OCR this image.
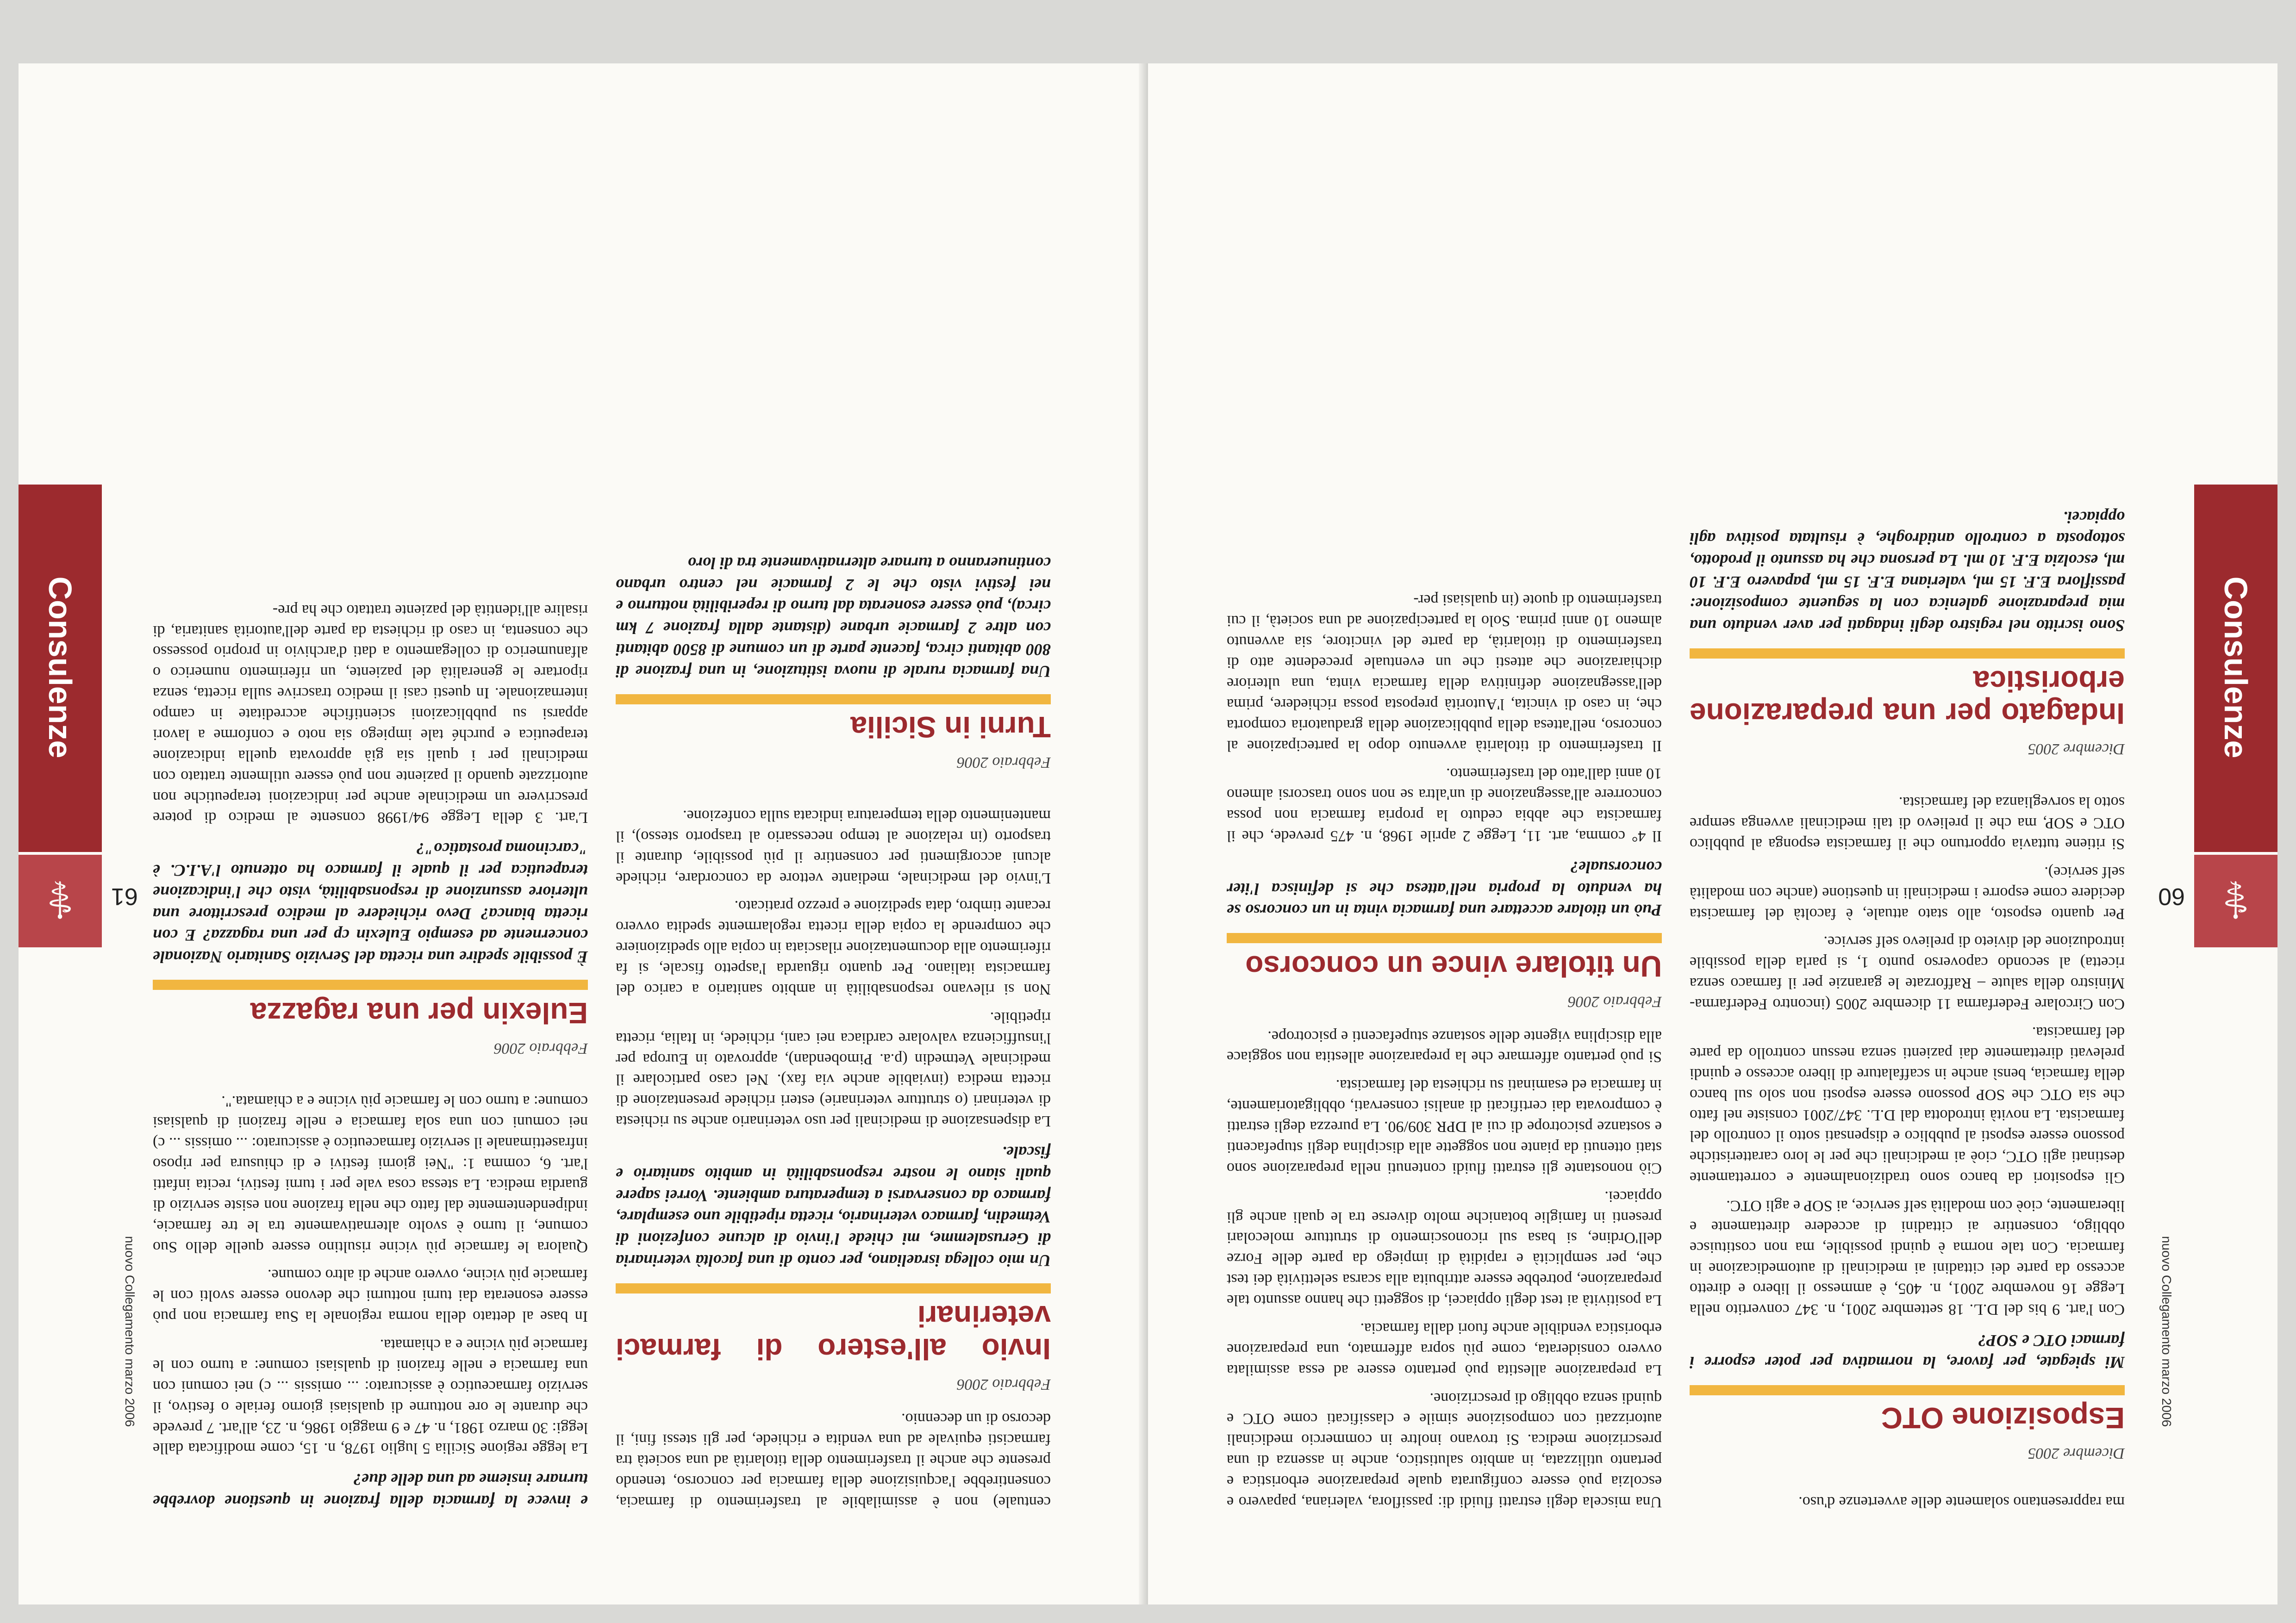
nuovo Collegamento marzo 2006
60 ⚕
Consulenze
ma rappresentano solamente delle avvertenze d'uso.
Dicembre 2005
Esposizione OTC
Mi spiegate, per favore, la normativa per poter esporre i farmaci OTC e SOP?
Con l'art. 9 bis del D.L. 18 settembre 2001, n. 347 convertito nella Legge 16 novembre 2001, n. 405, è ammesso il libero e diretto accesso da parte dei cittadini ai medicinali di automedicazione in farmacia. Con tale norma è quindi possibile, ma non costituisce obbligo, consentire ai cittadini di accedere direttamente e liberamente, cioè con modalità self service, ai SOP e agli OTC.
Gli espositori da banco sono tradizionalmente e correttamente destinati agli OTC, cioè ai medicinali che per le loro caratteristiche possono essere esposti al pubblico e dispensati sotto il controllo del farmacista. La novità introdotta dal D.L. 347/2001 consiste nel fatto che sia OTC che SOP possono essere esposti non solo sul banco della farmacia, bensì anche in scaffalature di libero accesso e quindi prelevati direttamente dai pazienti senza nessun controllo da parte del farmacista.
Con Circolare Federfarma 11 dicembre 2005 (incontro Federfarma-Ministro della salute – Rafforzate le garanzie per il farmaco senza ricetta) al secondo capoverso punto 1, si parla della possibile introduzione del divieto di prelievo self service.
Per quanto esposto, allo stato attuale, è facoltà del farmacista decidere come esporre i medicinali in questione (anche con modalità self service).
Si ritiene tuttavia opportuno che il farmacista esponga al pubblico OTC e SOP, ma che il prelievo di tali medicinali avvenga sempre sotto la sorveglianza del farmacista.
Dicembre 2005
Indagato per una preparazione erboristica
Sono iscritto nel registro degli indagati per aver venduto una mia preparazione galenica con la seguente composizione: passiflora E.F. 15 ml, valeriana E.F. 15 ml, papavero E.F. 10 ml, escolzia E.F. 10 ml. La persona che ha assunto il prodotto, sottoposta a controllo antidroghe, è risultata positiva agli oppiacei.
Una miscela degli estratti fluidi di: passiflora, valeriana, papavero e escolzia può essere configurata quale preparazione erboristica e pertanto utilizzata, in ambito salutistico, anche in assenza di una prescrizione medica. Si trovano inoltre in commercio medicinali autorizzati con composizione simile e classificati come OTC e quindi senza obbligo di prescrizione.
La preparazione allestita può pertanto essere ad essa assimilata ovvero considerata, come più sopra affermato, una preparazione erboristica vendibile anche fuori dalla farmacia.
La positività ai test degli oppiacei, di soggetti che hanno assunto tale preparazione, potrebbe essere attribuita alla scarsa selettività dei test che, per semplicità e rapidità di impiego da parte delle Forze dell'Ordine, si basa sul riconoscimento di strutture molecolari presenti in famiglie botaniche molto diverse tra le quali anche gli oppiacei.
Ciò nonostante gli estratti fluidi contenuti nella preparazione sono stati ottenuti da piante non soggette alla disciplina degli stupefacenti e sostanze psicotrope di cui al DPR 309/90. La purezza degli estratti è comprovata dai certificati di analisi conservati, obbligatoriamente, in farmacia ed esaminati su richiesta del farmacista.
Si può pertanto affermare che la preparazione allestita non soggiace alla disciplina vigente delle sostanze stupefacenti e psicotrope.
Febbraio 2006
Un titolare vince un concorso
Può un titolare accettare una farmacia vinta in un concorso se ha venduto la propria nell'attesa che si definisca l'iter concorsuale?
Il 4° comma, art. 11, Legge 2 aprile 1968, n. 475 prevede, che il farmacista che abbia ceduto la propria farmacia non possa concorrere all'assegnazione di un'altra se non sono trascorsi almeno 10 anni dall'atto del trasferimento.
Il trasferimento di titolarità avvenuto dopo la partecipazione al concorso, nell'attesa della pubblicazione della graduatoria comporta che, in caso di vincita, l'Autorità preposta possa richiedere, prima dell'assegnazione definitiva della farmacia vinta, una ulteriore dichiarazione che attesti che un eventuale precedente atto di trasferimento di titolarità, da parte del vincitore, sia avvenuto almeno 10 anni prima. Solo la partecipazione ad una società, il cui trasferimento di quote (in qualsiasi per-
nuovo Collegamento marzo 2006
61
⚕
Consulenze
centuale) non è assimilabile al trasferimento di farmacia, consentirebbe l'acquisizione della farmacia per concorso, tenendo presente che anche il trasferimento della titolarità ad una società tra farmacisti equivale ad una vendita e richiede, per gli stessi fini, il decorso di un decennio.
Febbraio 2006
Invio all'estero di farmaci veterinari
Un mio collega israeliano, per conto di una facoltà veterinaria di Gerusalemme, mi chiede l'invio di alcune confezioni di Vetmedin, farmaco veterinario, ricetta ripetibile uno esemplare, farmaco da conservarsi a temperatura ambiente. Vorrei sapere quali siano le nostre responsabilità in ambito sanitario e fiscale.
La dispensazione di medicinali per uso veterinario anche su richiesta di veterinari (o strutture veterinarie) esteri richiede presentazione di ricetta medica (inviabile anche via fax). Nel caso particolare il medicinale Vetmedin (p.a. Pimobendan), approvato in Europa per l'insufficienza valvolare cardiaca nei cani, richiede, in Italia, ricetta ripetibile.
Non si rilevano responsabilità in ambito sanitario a carico del farmacista italiano. Per quanto riguarda l'aspetto fiscale, si fa riferimento alla documentazione rilasciata in copia allo spedizioniere che comprende la copia della ricetta regolarmente spedita ovvero recante timbro, data spedizione e prezzo praticato.
L'invio del medicinale, mediante vettore da concordare, richiede alcuni accorgimenti per consentire il più possibile, durante il trasporto (in relazione al tempo necessario al trasporto stesso), il mantenimento della temperatura indicata sulla confezione.
Febbraio 2006
Turni in Sicilia
Una farmacia rurale di nuova istituzione, in una frazione di 800 abitanti circa, facente parte di un comune di 8500 abitanti con altre 2 farmacie urbane (distante dalla frazione 7 km circa), può essere esonerata dal turno di reperibilità notturno e nei festivi visto che le 2 farmacie nel centro urbano continueranno a turnare alternativamente tra di loro
e invece la farmacia della frazione in questione dovrebbe turnare insieme ad una delle due?
La legge regione Sicilia 5 luglio 1978, n. 15, come modificata dalle leggi: 30 marzo 1981, n. 47 e 9 maggio 1986, n. 23, all'art. 7 prevede che durante le ore notturne di qualsiasi giorno feriale o festivo, il servizio farmaceutico è assicurato: ... omissis ... c) nei comuni con una farmacia e nelle frazioni di qualsiasi comune: a turno con le farmacie più vicine e a chiamata.
In base al dettato della norma regionale la Sua farmacia non può essere esonerata dai turni notturni che devono essere svolti con le farmacie più vicine, ovvero anche di altro comune.
Qualora le farmacie più vicine risultino essere quelle dello Suo comune, il turno è svolto alternativamente tra le tre farmacie, indipendentemente dal fatto che nella frazione non esiste servizio di guardia medica. La stessa cosa vale per i turni festivi, recita infatti l'art. 6, comma 1: "Nei giorni festivi e di chiusura per riposo infrasettimanale il servizio farmaceutico è assicurato: ... omissis ... c) nei comuni con una sola farmacia e nelle frazioni di qualsiasi comune: a turno con le farmacie più vicine e a chiamata.".
Febbraio 2006
Eulexin per una ragazza
È possibile spedire una ricetta del Servizio Sanitario Nazionale concernente ad esempio Eulexin cp per una ragazza? E con ricetta bianca? Devo richiedere al medico prescrittore una ulteriore assunzione di responsabilità, visto che l'indicazione terapeutica per il quale il farmaco ha ottenuto l'A.I.C. è "carcinoma prostatico"?
L'art. 3 della Legge 94/1998 consente al medico di potere prescrivere un medicinale anche per indicazioni terapeutiche non autorizzate quando il paziente non può essere utilmente trattato con medicinali per i quali sia già approvata quella indicazione terapeutica e purché tale impiego sia noto e conforme a lavori apparsi su pubblicazioni scientifiche accreditate in campo internazionale. In questi casi il medico trascrive sulla ricetta, senza riportare le generalità del paziente, un riferimento numerico o alfanumerico di collegamento a dati d'archivio in proprio possesso che consenta, in caso di richiesta da parte dell'autorità sanitaria, di risalire all'identità del paziente trattato che ha pre-
